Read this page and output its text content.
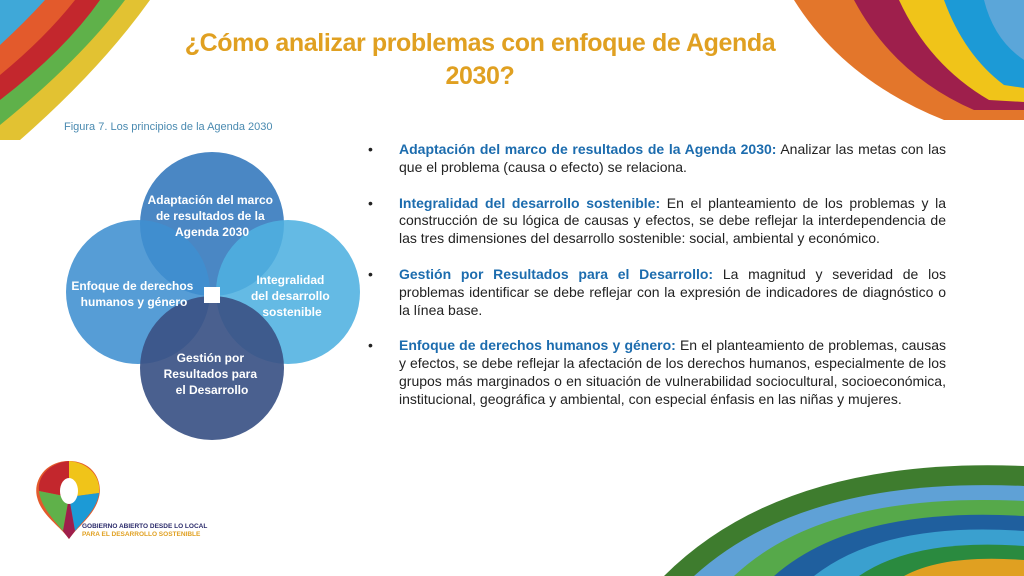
¿Cómo analizar problemas con enfoque de Agenda 2030?
Figura 7. Los principios de la Agenda 2030
Adaptación del marco de resultados de la Agenda 2030
Enfoque de derechos humanos y género
Integralidad del desarrollo sostenible
Gestión por Resultados para el Desarrollo
• Adaptación del marco de resultados de la Agenda 2030: Analizar las metas con las que el problema (causa o efecto) se relaciona.
• Integralidad del desarrollo sostenible: En el planteamiento de los problemas y la construcción de su lógica de causas y efectos, se debe reflejar la interdependencia de las tres dimensiones del desarrollo sostenible: social, ambiental y económico.
• Gestión por Resultados para el Desarrollo: La magnitud y severidad de los problemas identificar se debe reflejar con la expresión de indicadores de diagnóstico o la línea base.
• Enfoque de derechos humanos y género: En el planteamiento de problemas, causas y efectos, se debe reflejar la afectación de los derechos humanos, especialmente de los grupos más marginados o en situación de vulnerabilidad sociocultural, socioeconómica, institucional, geográfica y ambiental, con especial énfasis en las niñas y mujeres.
GOBIERNO ABIERTO DESDE LO LOCAL
PARA EL DESARROLLO SOSTENIBLE
